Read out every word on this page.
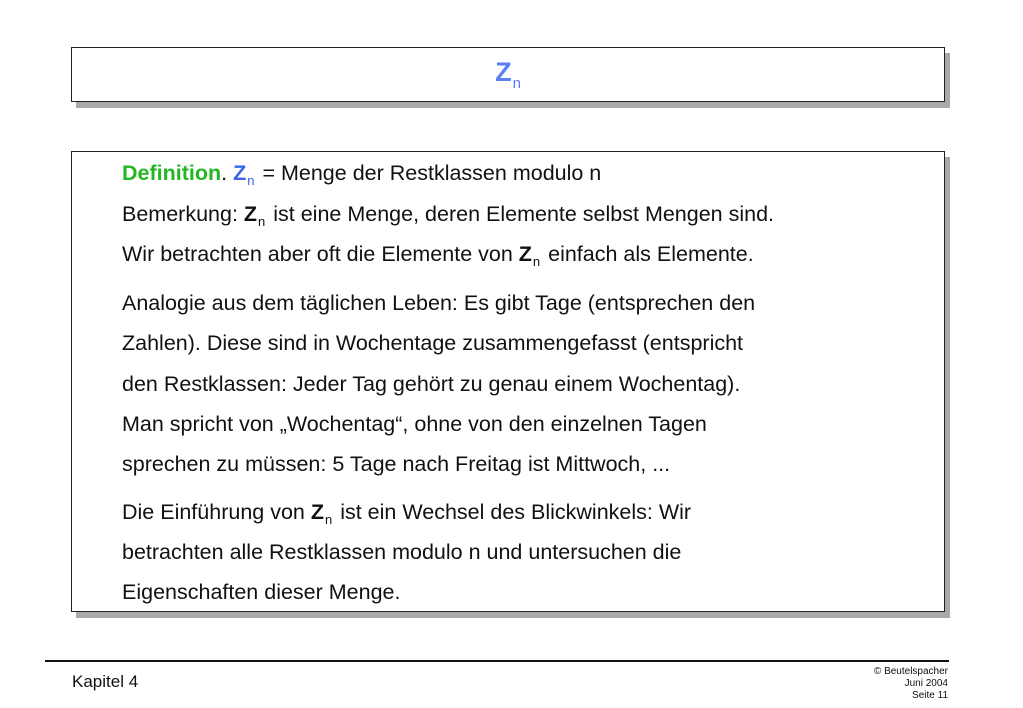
$Z_n$
Definition. $Z_n$ = Menge der Restklassen modulo n
Bemerkung: $Z_n$ ist eine Menge, deren Elemente selbst Mengen sind.
Wir betrachten aber oft die Elemente von $Z_n$ einfach als Elemente.
Analogie aus dem täglichen Leben: Es gibt Tage (entsprechen den
Zahlen). Diese sind in Wochentage zusammengefasst (entspricht
den Restklassen: Jeder Tag gehört zu genau einem Wochentag).
Man spricht von „Wochentag“, ohne von den einzelnen Tagen
sprechen zu müssen: 5 Tage nach Freitag ist Mittwoch, ...
Die Einführung von $Z_n$ ist ein Wechsel des Blickwinkels: Wir
betrachten alle Restklassen modulo n und untersuchen die
Eigenschaften dieser Menge.
Kapitel 4
© Beutelspacher
Juni 2004
Seite 11
